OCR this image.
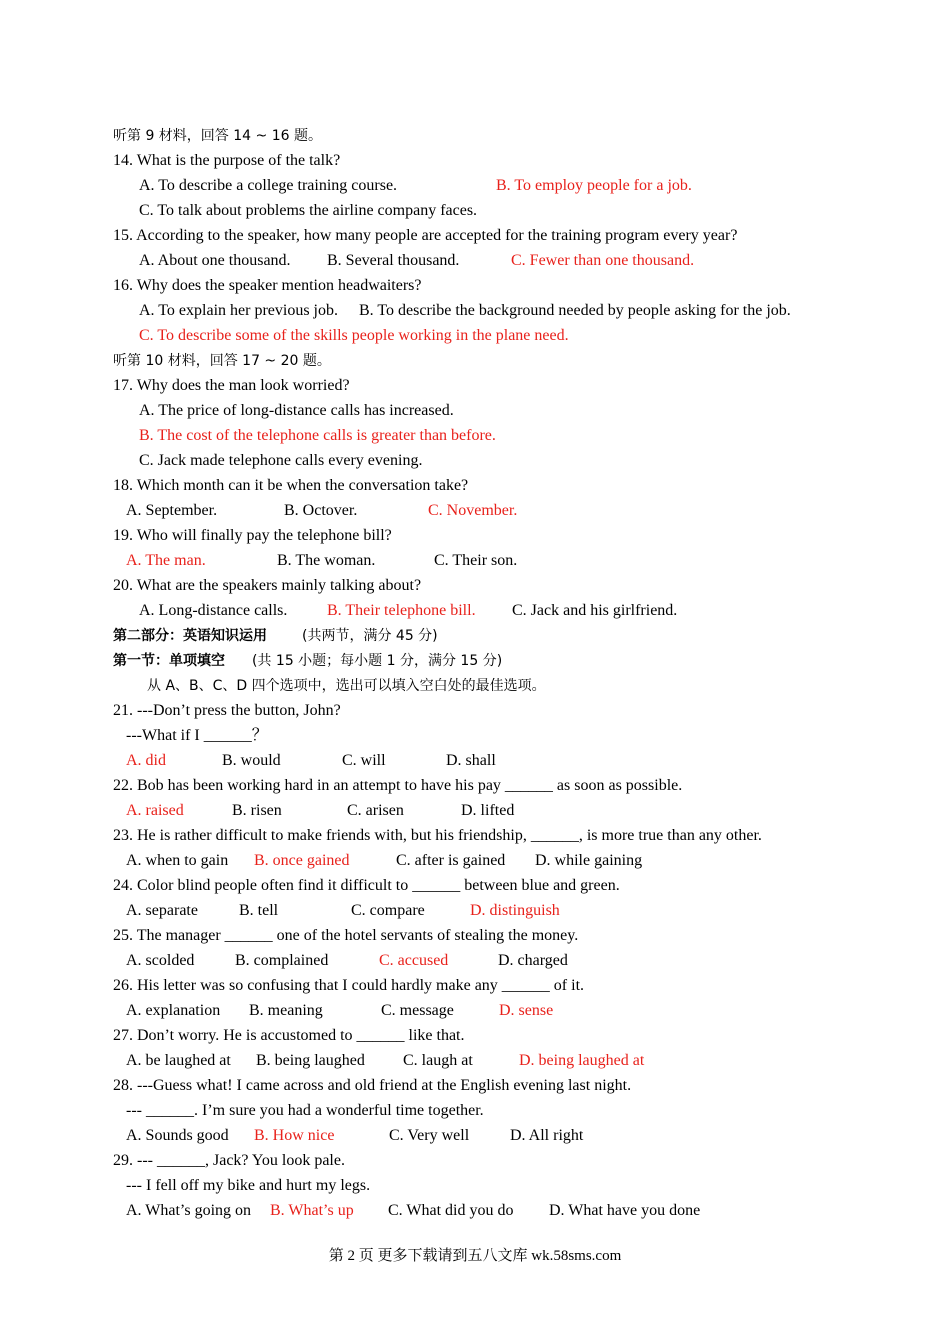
听第 9 材料，回答 14 ~ 16 题。

14. What is the purpose of the talk?

A. To describe a college training course.

	B. To employ people for a job.

C. To talk about problems the airline company faces.

15. According to the speaker, how many people are accepted for the training program every year?

A. About one thousand.

B. Several thousand.

	C. Fewer than one thousand.

16. Why does the speaker mention headwaiters?

A. To explain her previous job.

B. To describe the background needed by people asking for the job.

C. To describe some of the skills people working in the plane need.

听第 10 材料，回答 17 ~ 20 题。

17. Why does the man look worried?

A. The price of long-distance calls has increased.

B. The cost of the telephone calls is greater than before.

C. Jack made telephone calls every evening.

18. Which month can it be when the conversation take?

A. September.

	B. Octover.

	C. November.

19. Who will finally pay the telephone bill?

A. The man.

	B. The woman.

	C. Their son.

20. What are the speakers mainly talking about?

A. Long-distance calls.

B. Their telephone bill.

C. Jack and his girlfriend.

第二部分：英语知识运用

	(共两节，满分 45 分)

第一节：单项填空

(共 15 小题；每小题 1 分，满分 15 分)

从 A、B、C、D 四个选项中，选出可以填入空白处的最佳选项。

21. ---Don’t press the button, John?

---What if I ______？

A. did

	B. would

	C. will

	D. shall

22. Bob has been working hard in an attempt to have his pay ______ as soon as possible.

A. raised

	B. risen

	C. arisen

	D. lifted

23. He is rather difficult to make friends with, but his friendship, ______, is more true than any other.

A. when to gain

B. once gained

	C. after is gained

D. while gaining

24. Color blind people often find it difficult to ______ between blue and green.

A. separate

	B. tell

	C. compare

	D. distinguish

25. The manager ______ one of the hotel servants of stealing the money.

A. scolded

	B. complained

	C. accused

	D. charged

26. His letter was so confusing that I could hardly make any ______ of it.

A. explanation

B. meaning

	C. message

	D. sense

27. Don’t worry. He is accustomed to ______ like that.

A. be laughed at

B. being laughed

C. laugh at

	D. being laughed at

28. ---Guess what! I came across and old friend at the English evening last night.

--- ______. I’m sure you had a wonderful time together.

A. Sounds good

B. How nice

	C. Very well

	D. All right

29. --- ______, Jack? You look pale.

--- I fell off my bike and hurt my legs.

A. What’s going on

B. What’s up

C. What did you do

D. What have you done

第 2 页 更多下载请到五八文库 wk.58sms.com
